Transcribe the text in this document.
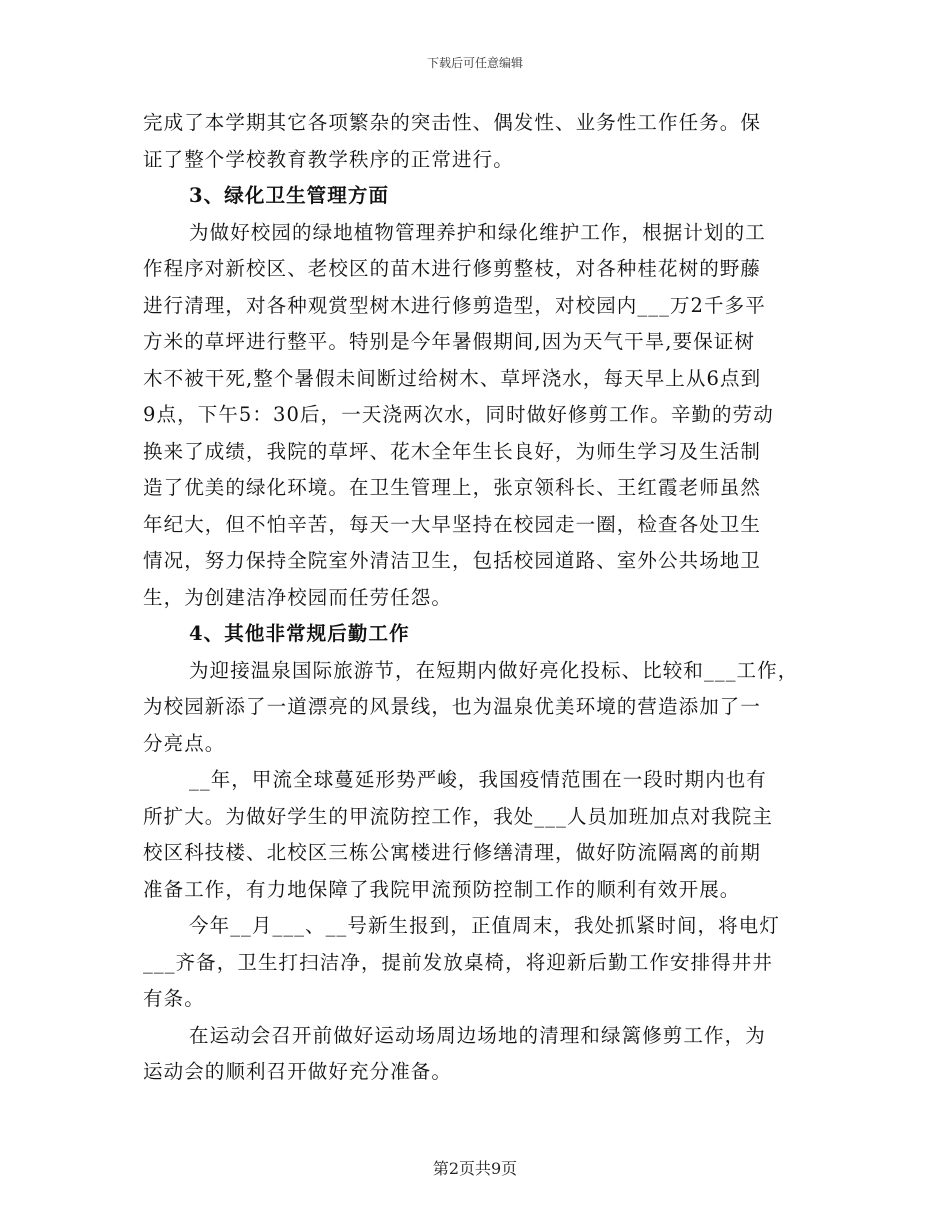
下载后可任意编辑
完成了本学期其它各项繁杂的突击性、偶发性、业务性工作任务。保
证了整个学校教育教学秩序的正常进行。
3、绿化卫生管理方面
为做好校园的绿地植物管理养护和绿化维护工作，根据计划的工
作程序对新校区、老校区的苗木进行修剪整枝，对各种桂花树的野藤
进行清理，对各种观赏型树木进行修剪造型，对校园内___万2千多平
方米的草坪进行整平。特别是今年暑假期间,因为天气干旱,要保证树
木不被干死,整个暑假未间断过给树木、草坪浇水，每天早上从6点到
9点，下午5：30后，一天浇两次水，同时做好修剪工作。辛勤的劳动
换来了成绩，我院的草坪、花木全年生长良好，为师生学习及生活制
造了优美的绿化环境。在卫生管理上，张京领科长、王红霞老师虽然
年纪大，但不怕辛苦，每天一大早坚持在校园走一圈，检查各处卫生
情况，努力保持全院室外清洁卫生，包括校园道路、室外公共场地卫
生，为创建洁净校园而任劳任怨。
4、其他非常规后勤工作
为迎接温泉国际旅游节，在短期内做好亮化投标、比较和___工作，
为校园新添了一道漂亮的风景线，也为温泉优美环境的营造添加了一
分亮点。
__年，甲流全球蔓延形势严峻，我国疫情范围在一段时期内也有
所扩大。为做好学生的甲流防控工作，我处___人员加班加点对我院主
校区科技楼、北校区三栋公寓楼进行修缮清理，做好防流隔离的前期
准备工作，有力地保障了我院甲流预防控制工作的顺利有效开展。
今年__月___、__号新生报到，正值周末，我处抓紧时间，将电灯
___齐备，卫生打扫洁净，提前发放桌椅，将迎新后勤工作安排得井井
有条。
在运动会召开前做好运动场周边场地的清理和绿篱修剪工作，为
运动会的顺利召开做好充分准备。
第2页共9页
